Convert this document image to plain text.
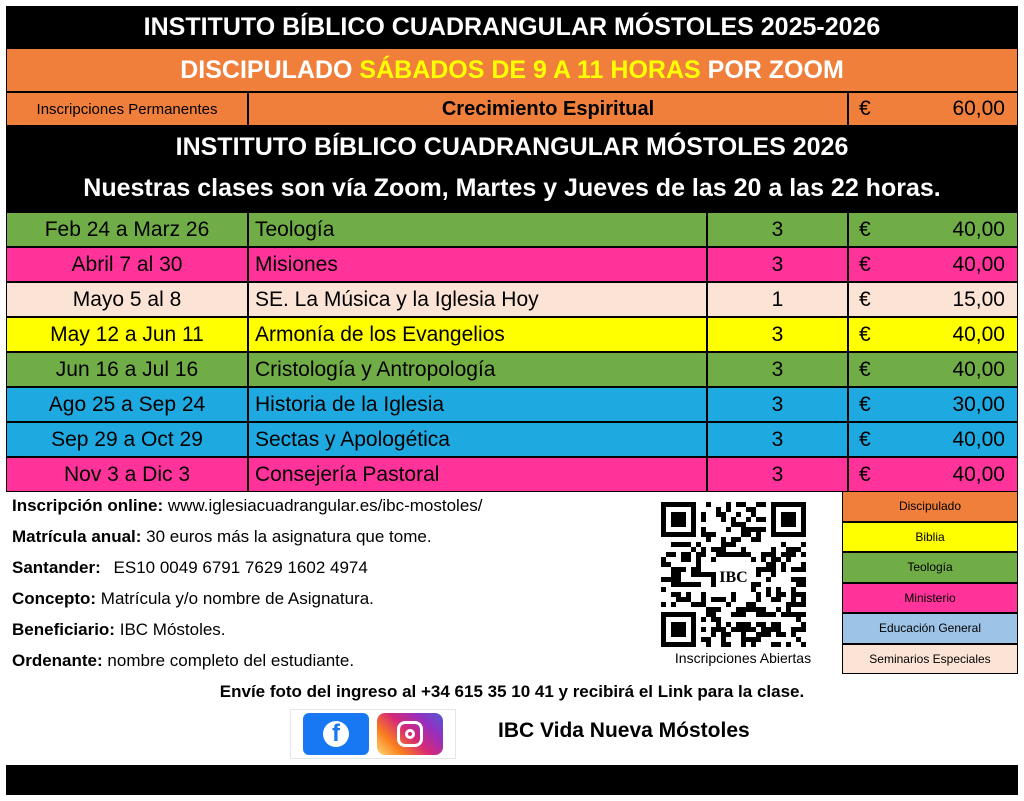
INSTITUTO BÍBLICO CUADRANGULAR MÓSTOLES 2025-2026
DISCIPULADO SÁBADOS DE 9 A 11 HORAS POR ZOOM
Inscripciones Permanentes	Crecimiento Espiritual	€	60,00
INSTITUTO BÍBLICO CUADRANGULAR MÓSTOLES 2026
Nuestras clases son vía Zoom, Martes y Jueves de las 20 a las 22 horas.
Feb 24 a Marz 26	Teología	3	€	40,00
Abril 7 al 30	Misiones	3	€	40,00
Mayo 5 al 8	SE. La Música y la Iglesia Hoy	1	€	15,00
May 12 a Jun 11	Armonía de los Evangelios	3	€	40,00
Jun 16 a Jul 16	Cristología y Antropología	3	€	40,00
Ago 25 a Sep 24	Historia de la Iglesia	3	€	30,00
Sep 29 a Oct 29	Sectas y Apologética	3	€	40,00
Nov 3 a Dic 3	Consejería Pastoral	3	€	40,00
Inscripción online: www.iglesiacuadrangular.es/ibc-mostoles/
Matrícula anual: 30 euros más la asignatura que tome.
Santander: ES10 0049 6791 7629 1602 4974
Concepto: Matrícula y/o nombre de Asignatura.
Beneficiario: IBC Móstoles.
Ordenante: nombre completo del estudiante.
IBC
Inscripciones Abiertas
Discipulado
Biblia
Teología
Ministerio
Educación General
Seminarios Especiales
Envíe foto del ingreso al +34 615 35 10 41 y recibirá el Link para la clase.
f	IBC Vida Nueva Móstoles
